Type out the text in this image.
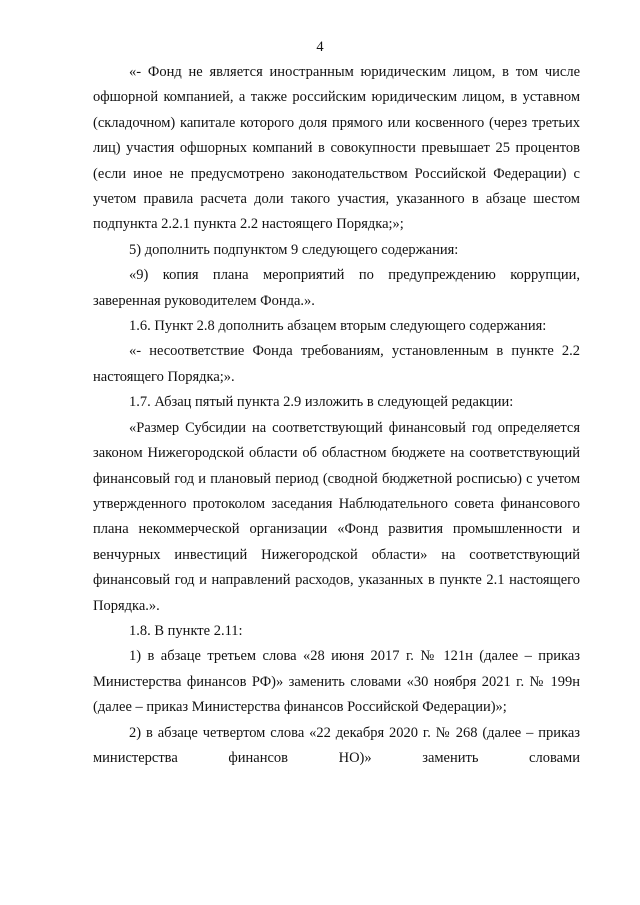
4

«- Фонд не является иностранным юридическим лицом, в том числе офшорной компанией, а также российским юридическим лицом, в уставном (складочном) капитале которого доля прямого или косвенного (через третьих лиц) участия офшорных компаний в совокупности превышает 25 процентов (если иное не предусмотрено законодательством Российской Федерации) с учетом правила расчета доли такого участия, указанного в абзаце шестом подпункта 2.2.1 пункта 2.2 настоящего Порядка;»;

5) дополнить подпунктом 9 следующего содержания:

«9) копия плана мероприятий по предупреждению коррупции, заверенная руководителем Фонда.».

1.6. Пункт 2.8 дополнить абзацем вторым следующего содержания:

«- несоответствие Фонда требованиям, установленным в пункте 2.2 настоящего Порядка;».

1.7. Абзац пятый пункта 2.9 изложить в следующей редакции:

«Размер Субсидии на соответствующий финансовый год определяется законом Нижегородской области об областном бюджете на соответствующий финансовый год и плановый период (сводной бюджетной росписью) с учетом утвержденного протоколом заседания Наблюдательного совета финансового плана некоммерческой организации «Фонд развития промышленности и венчурных инвестиций Нижегородской области» на соответствующий финансовый год и направлений расходов, указанных в пункте 2.1 настоящего Порядка.».

1.8. В пункте 2.11:

1) в абзаце третьем слова «28 июня 2017 г. № 121н (далее – приказ Министерства финансов РФ)» заменить словами «30 ноября 2021 г. № 199н (далее – приказ Министерства финансов Российской Федерации)»;

2) в абзаце четвертом слова «22 декабря 2020 г. № 268 (далее – приказ министерства финансов НО)» заменить словами
